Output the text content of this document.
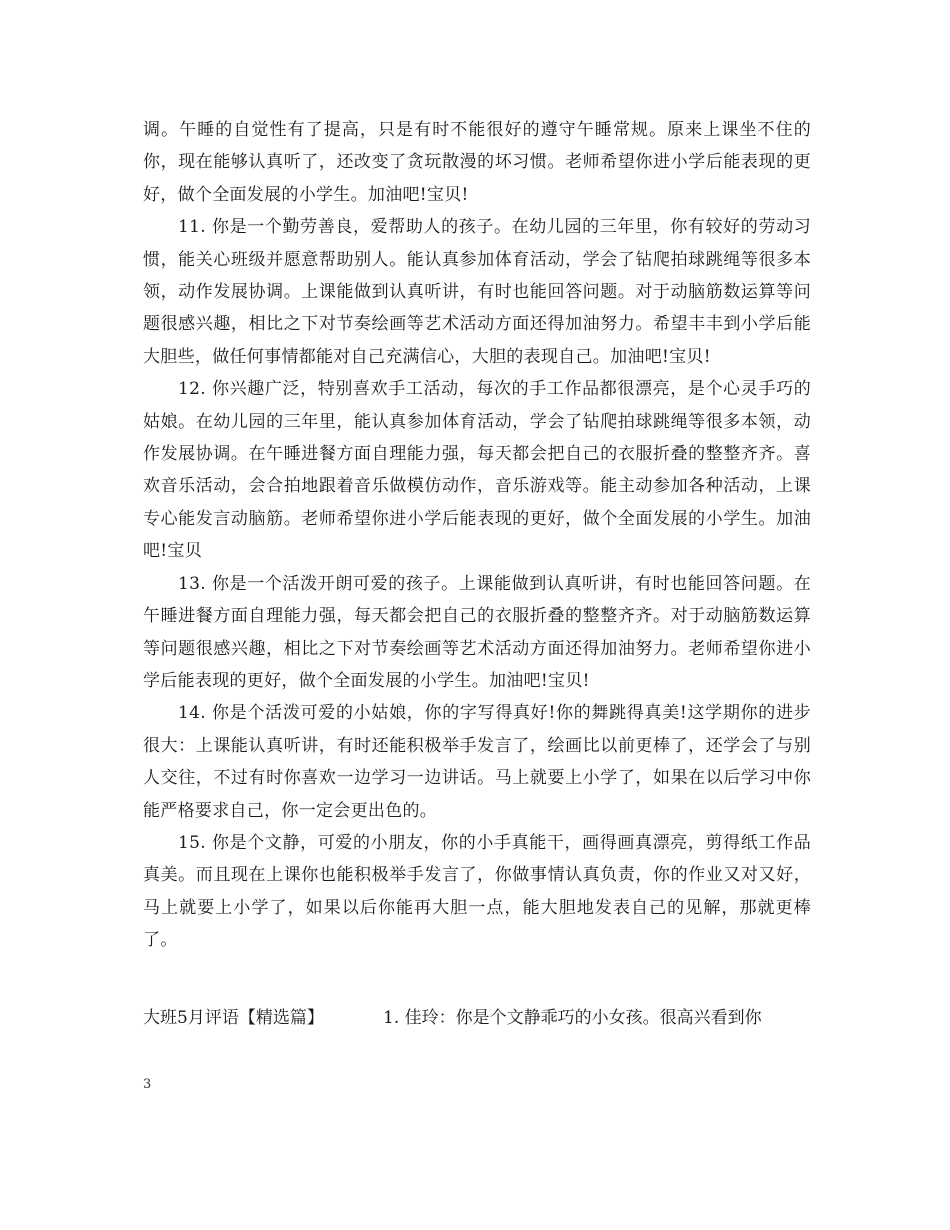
调。午睡的自觉性有了提高，只是有时不能很好的遵守午睡常规。原来上课坐不住的你，现在能够认真听了，还改变了贪玩散漫的坏习惯。老师希望你进小学后能表现的更好，做个全面发展的小学生。加油吧!宝贝!

11. 你是一个勤劳善良，爱帮助人的孩子。在幼儿园的三年里，你有较好的劳动习惯，能关心班级并愿意帮助别人。能认真参加体育活动，学会了钻爬拍球跳绳等很多本领，动作发展协调。上课能做到认真听讲，有时也能回答问题。对于动脑筋数运算等问题很感兴趣，相比之下对节奏绘画等艺术活动方面还得加油努力。希望丰丰到小学后能大胆些，做任何事情都能对自己充满信心，大胆的表现自己。加油吧!宝贝!

12. 你兴趣广泛，特别喜欢手工活动，每次的手工作品都很漂亮，是个心灵手巧的姑娘。在幼儿园的三年里，能认真参加体育活动，学会了钻爬拍球跳绳等很多本领，动作发展协调。在午睡进餐方面自理能力强，每天都会把自己的衣服折叠的整整齐齐。喜欢音乐活动，会合拍地跟着音乐做模仿动作，音乐游戏等。能主动参加各种活动，上课专心能发言动脑筋。老师希望你进小学后能表现的更好，做个全面发展的小学生。加油吧!宝贝

13. 你是一个活泼开朗可爱的孩子。上课能做到认真听讲，有时也能回答问题。在午睡进餐方面自理能力强，每天都会把自己的衣服折叠的整整齐齐。对于动脑筋数运算等问题很感兴趣，相比之下对节奏绘画等艺术活动方面还得加油努力。老师希望你进小学后能表现的更好，做个全面发展的小学生。加油吧!宝贝!

14. 你是个活泼可爱的小姑娘，你的字写得真好!你的舞跳得真美!这学期你的进步很大：上课能认真听讲，有时还能积极举手发言了，绘画比以前更棒了，还学会了与别人交往，不过有时你喜欢一边学习一边讲话。马上就要上小学了，如果在以后学习中你能严格要求自己，你一定会更出色的。

15. 你是个文静，可爱的小朋友，你的小手真能干，画得画真漂亮，剪得纸工作品真美。而且现在上课你也能积极举手发言了，你做事情认真负责，你的作业又对又好，马上就要上小学了，如果以后你能再大胆一点，能大胆地发表自己的见解，那就更棒了。

大班5月评语【精选篇】	1. 佳玲：你是个文静乖巧的小女孩。很高兴看到你
3
